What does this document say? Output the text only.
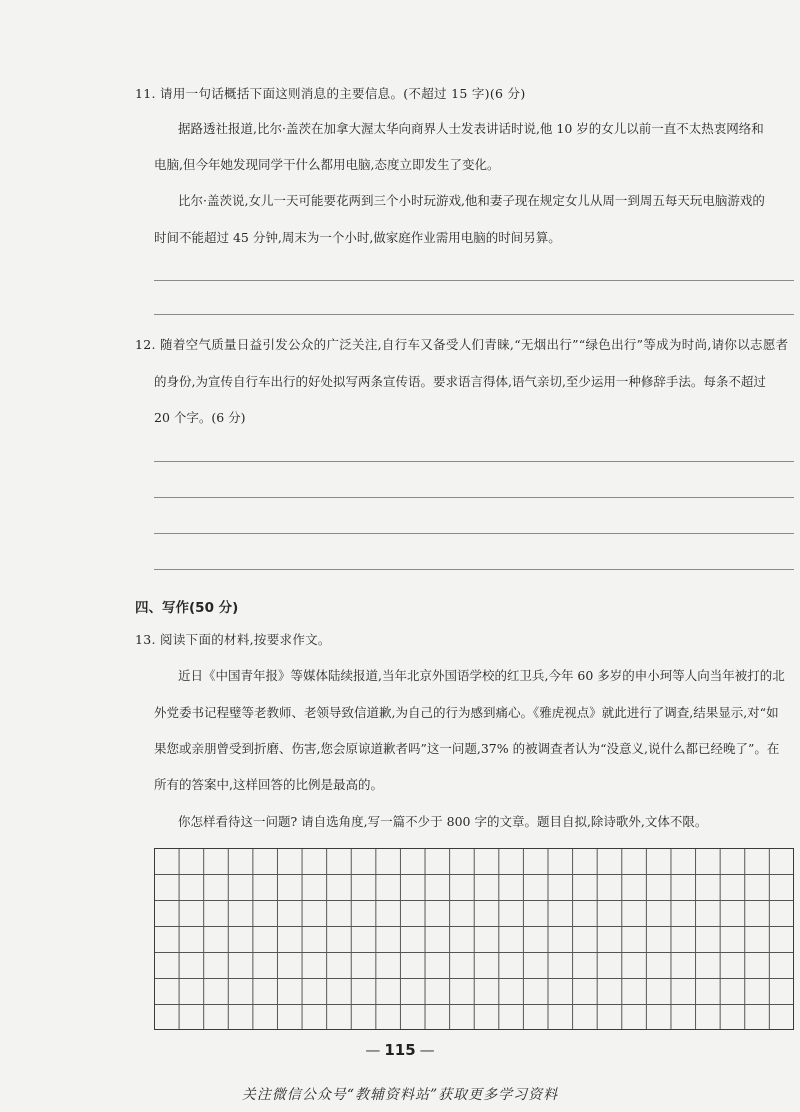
11. 请用一句话概括下面这则消息的主要信息。(不超过 15 字)(6 分)
据路透社报道,比尔·盖茨在加拿大渥太华向商界人士发表讲话时说,他 10 岁的女儿以前一直不太热衷网络和
电脑,但今年她发现同学干什么都用电脑,态度立即发生了变化。
比尔·盖茨说,女儿一天可能要花两到三个小时玩游戏,他和妻子现在规定女儿从周一到周五每天玩电脑游戏的
时间不能超过 45 分钟,周末为一个小时,做家庭作业需用电脑的时间另算。
12. 随着空气质量日益引发公众的广泛关注,自行车又备受人们青睐,“无烟出行”“绿色出行”等成为时尚,请你以志愿者
的身份,为宣传自行车出行的好处拟写两条宣传语。要求语言得体,语气亲切,至少运用一种修辞手法。每条不超过
20 个字。(6 分)
四、写作(50 分)
13. 阅读下面的材料,按要求作文。
近日《中国青年报》等媒体陆续报道,当年北京外国语学校的红卫兵,今年 60 多岁的申小珂等人向当年被打的北
外党委书记程璧等老教师、老领导致信道歉,为自己的行为感到痛心。《雅虎视点》就此进行了调查,结果显示,对“如
果您或亲朋曾受到折磨、伤害,您会原谅道歉者吗”这一问题,37% 的被调查者认为“没意义,说什么都已经晚了”。在
所有的答案中,这样回答的比例是最高的。
你怎样看待这一问题? 请自选角度,写一篇不少于 800 字的文章。题目自拟,除诗歌外,文体不限。
— 115 —
关注微信公众号“教辅资料站”获取更多学习资料
